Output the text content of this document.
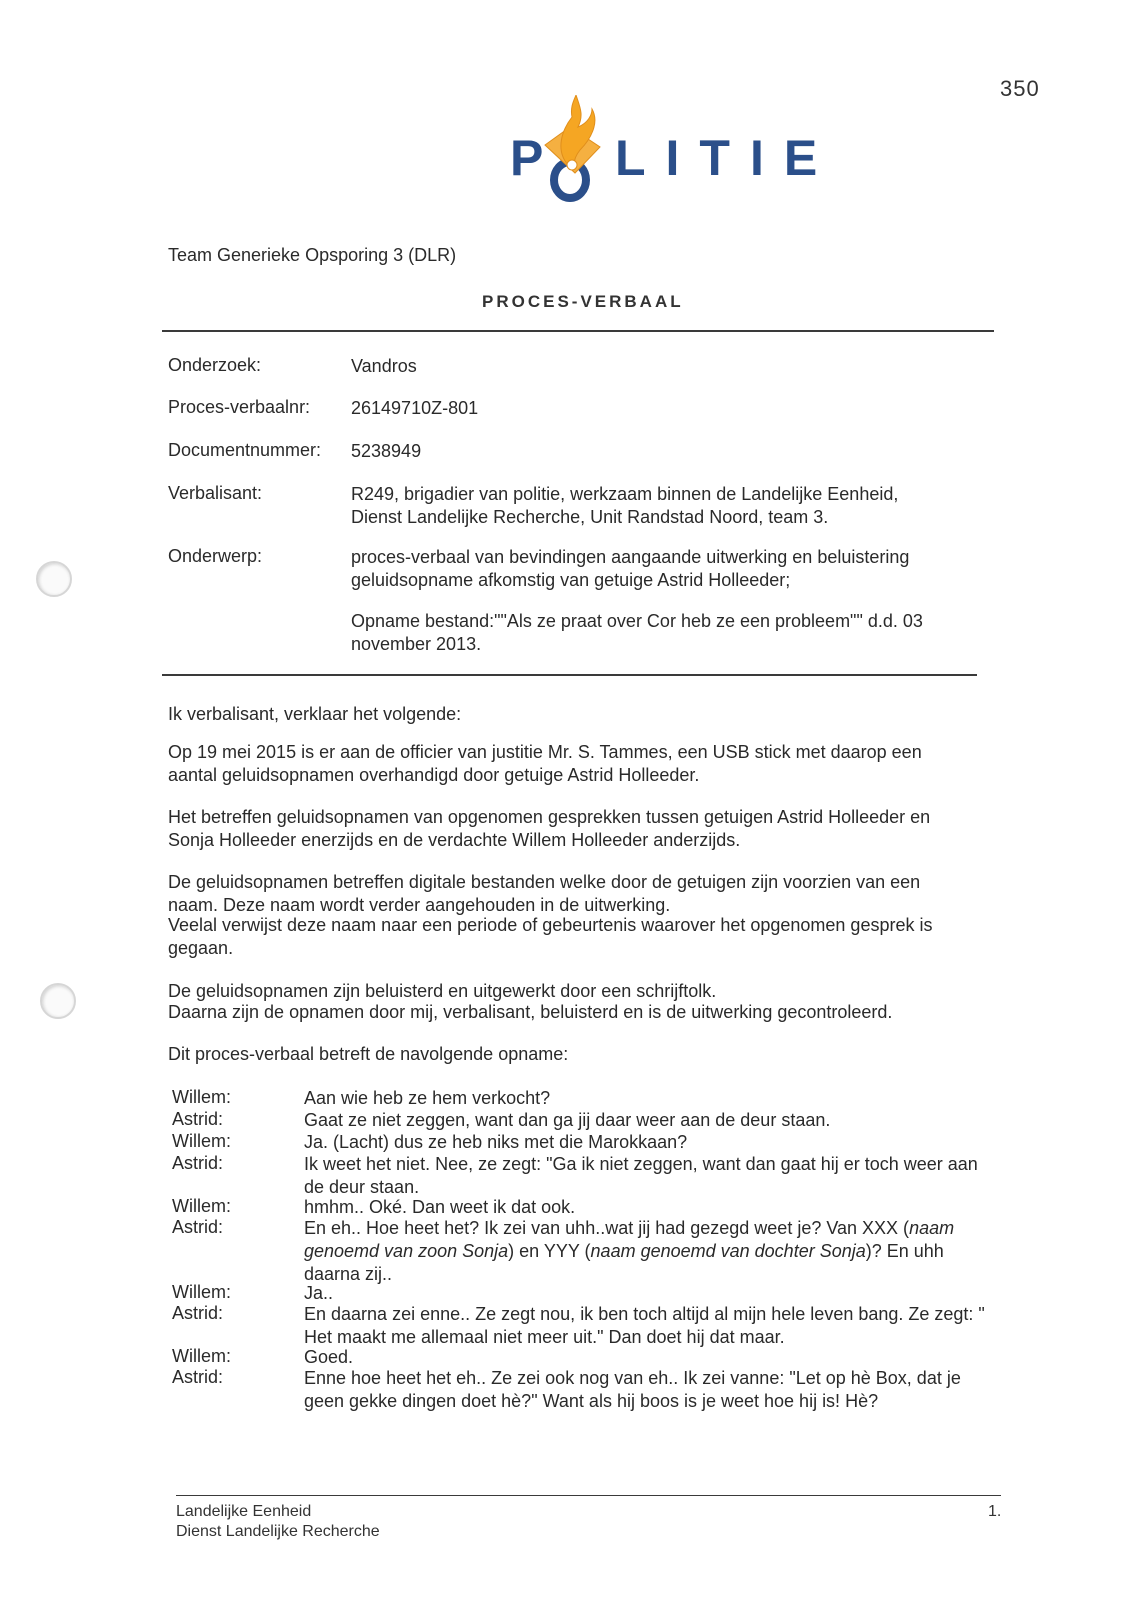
350
P LITIE
Team Generieke Opsporing 3 (DLR)
PROCES-VERBAAL
Onderzoek:	Vandros
Proces-verbaalnr: 26149710Z-801
Documentnummer: 5238949
Verbalisant:	R249, brigadier van politie, werkzaam binnen de Landelijke Eenheid, Dienst Landelijke Recherche, Unit Randstad Noord, team 3.
Onderwerp:	proces-verbaal van bevindingen aangaande uitwerking en beluistering geluidsopname afkomstig van getuige Astrid Holleeder;
Opname bestand:""Als ze praat over Cor heb ze een probleem"" d.d. 03 november 2013.
Ik verbalisant, verklaar het volgende:
Op 19 mei 2015 is er aan de officier van justitie Mr. S. Tammes, een USB stick met daarop een aantal geluidsopnamen overhandigd door getuige Astrid Holleeder.
Het betreffen geluidsopnamen van opgenomen gesprekken tussen getuigen Astrid Holleeder en Sonja Holleeder enerzijds en de verdachte Willem Holleeder anderzijds.
De geluidsopnamen betreffen digitale bestanden welke door de getuigen zijn voorzien van een naam. Deze naam wordt verder aangehouden in de uitwerking.
Veelal verwijst deze naam naar een periode of gebeurtenis waarover het opgenomen gesprek is gegaan.
De geluidsopnamen zijn beluisterd en uitgewerkt door een schrijftolk.
Daarna zijn de opnamen door mij, verbalisant, beluisterd en is de uitwerking gecontroleerd.
Dit proces-verbaal betreft de navolgende opname:
Willem:	Aan wie heb ze hem verkocht?
Astrid:	Gaat ze niet zeggen, want dan ga jij daar weer aan de deur staan.
Willem:	Ja. (Lacht) dus ze heb niks met die Marokkaan?
Astrid:	Ik weet het niet. Nee, ze zegt: "Ga ik niet zeggen, want dan gaat hij er toch weer aan de deur staan.
Willem:	hmhm.. Oké. Dan weet ik dat ook.
Astrid:	En eh.. Hoe heet het? Ik zei van uhh..wat jij had gezegd weet je? Van XXX (naam genoemd van zoon Sonja) en YYY (naam genoemd van dochter Sonja)? En uhh daarna zij..
Willem:	Ja..
Astrid:	En daarna zei enne.. Ze zegt nou, ik ben toch altijd al mijn hele leven bang. Ze zegt: " Het maakt me allemaal niet meer uit." Dan doet hij dat maar.
Willem:	Goed.
Astrid:	Enne hoe heet het eh.. Ze zei ook nog van eh.. Ik zei vanne: "Let op hè Box, dat je geen gekke dingen doet hè?" Want als hij boos is je weet hoe hij is! Hè?
Landelijke Eenheid
Dienst Landelijke Recherche
1.
